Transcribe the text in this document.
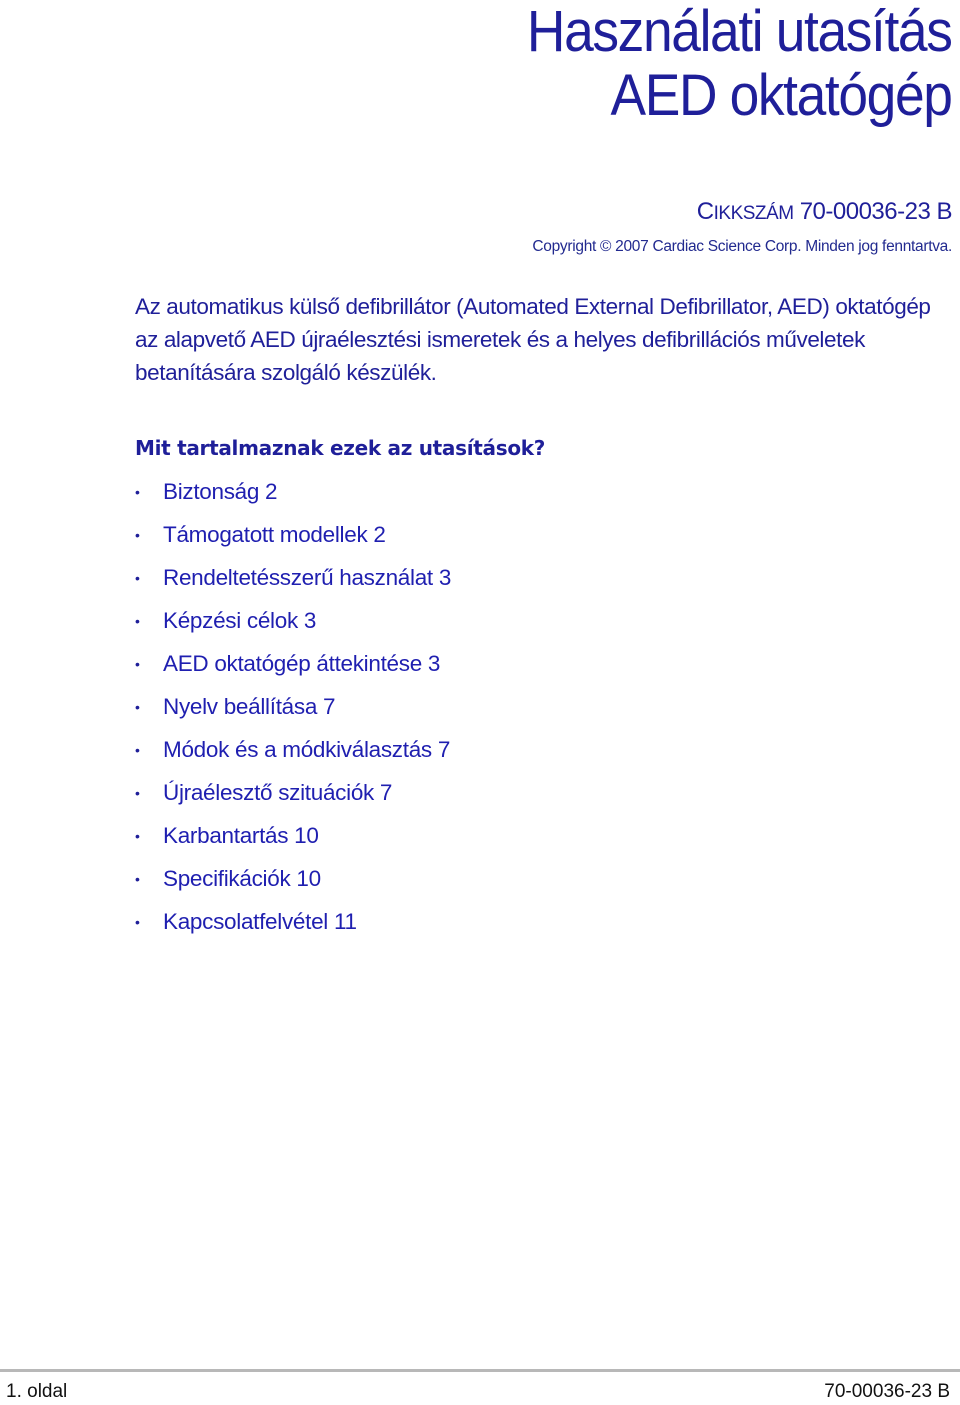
Használati utasítás
AED oktatógép
CIKKSZÁM 70-00036-23 B
Copyright © 2007 Cardiac Science Corp. Minden jog fenntartva.
Az automatikus külső defibrillátor (Automated External Defibrillator, AED) oktatógép az alapvető AED újraélesztési ismeretek és a helyes defibrillációs műveletek betanítására szolgáló készülék.
Mit tartalmaznak ezek az utasítások?
•	Biztonság 2
•	Támogatott modellek 2
•	Rendeltetésszerű használat 3
•	Képzési célok 3
•	AED oktatógép áttekintése 3
•	Nyelv beállítása 7
•	Módok és a módkiválasztás 7
•	Újraélesztő szituációk 7
•	Karbantartás 10
•	Specifikációk 10
•	Kapcsolatfelvétel 11
1. oldal	70-00036-23 B
